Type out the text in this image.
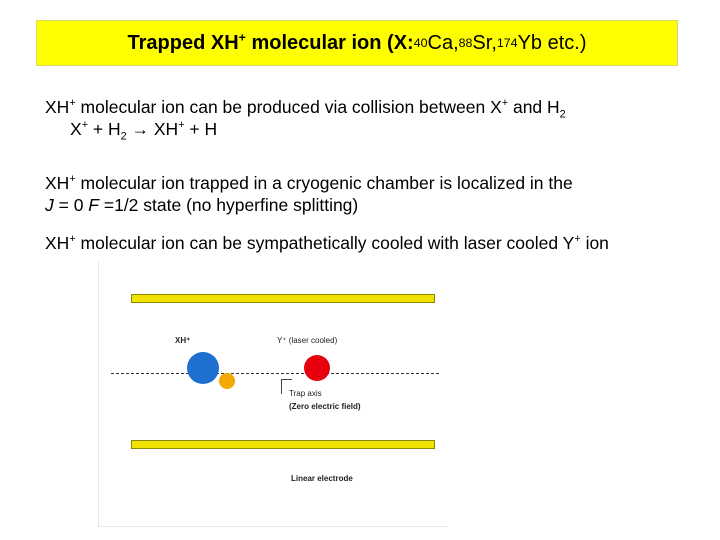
Trapped XH+ molecular ion (X: 40 Ca, 88 Sr, 174 Yb etc.)
XH+ molecular ion can be produced via collision between X+ and $H_2$
$X^+ + H_2 \to XH^+ + H$
XH+ molecular ion trapped in a cryogenic chamber is localized in the
J = 0 F =1/2 state (no hyperfine splitting)
XH+ molecular ion can be sympathetically cooled with laser cooled Y+ ion
XH⁺	Y⁺ (laser cooled)
Trap axis
(Zero electric field)
Linear electrode
